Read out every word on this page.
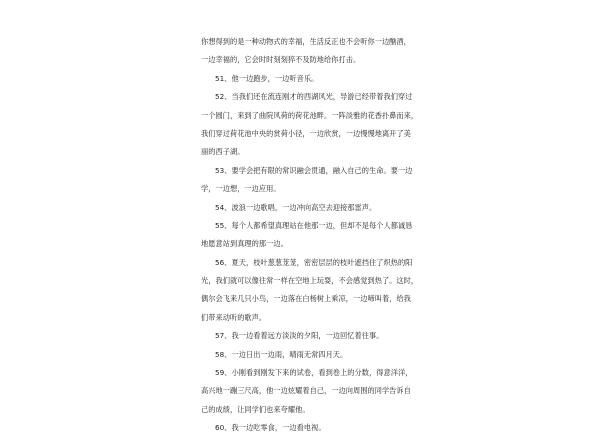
你想得到的是一种动物式的幸福，生活反正也不会听你一边酗酒，
一边幸福的，它会时时刻刻猝不及防地给你打击。
51、他一边跑步，一边听音乐。
52、当我们还在流连刚才的西湖风光，导游已经带着我们穿过
一个圆门，来到了曲院风荷的荷花池畔。一阵淡雅的花香扑鼻而来，
我们穿过荷花池中央的赏荷小径，一边欣赏，一边慢慢地离开了美
丽的西子湖。
53、要学会把有限的常识融会贯通，融入自己的生命。要一边
学，一边想，一边应用。
54、波浪一边歌唱，一边冲向高空去迎接那雷声。
55、每个人都希望真理站在他那一边，但却不是每个人都诚恳
地愿意站到真理的那一边。
56、夏天，枝叶葱葱茏茏，密密层层的枝叶遮挡住了炽热的阳
光，我们就可以像往常一样在空地上玩耍，不会感觉到热了。这时，
偶尔会飞来几只小鸟，一边落在白杨树上乘凉，一边啼叫着，给我
们带来动听的歌声。
57、我一边看着远方淡淡的夕阳，一边回忆着往事。
58、一边日出一边雨，晴雨无常四月天。
59、小刚看到刚发下来的试卷，看到卷上的分数，得意洋洋，
高兴地一蹦三尺高，他一边炫耀着自己，一边向周围的同学告诉自
己的成绩，让同学们也来夸耀他。
60、我一边吃零食，一边看电视。
